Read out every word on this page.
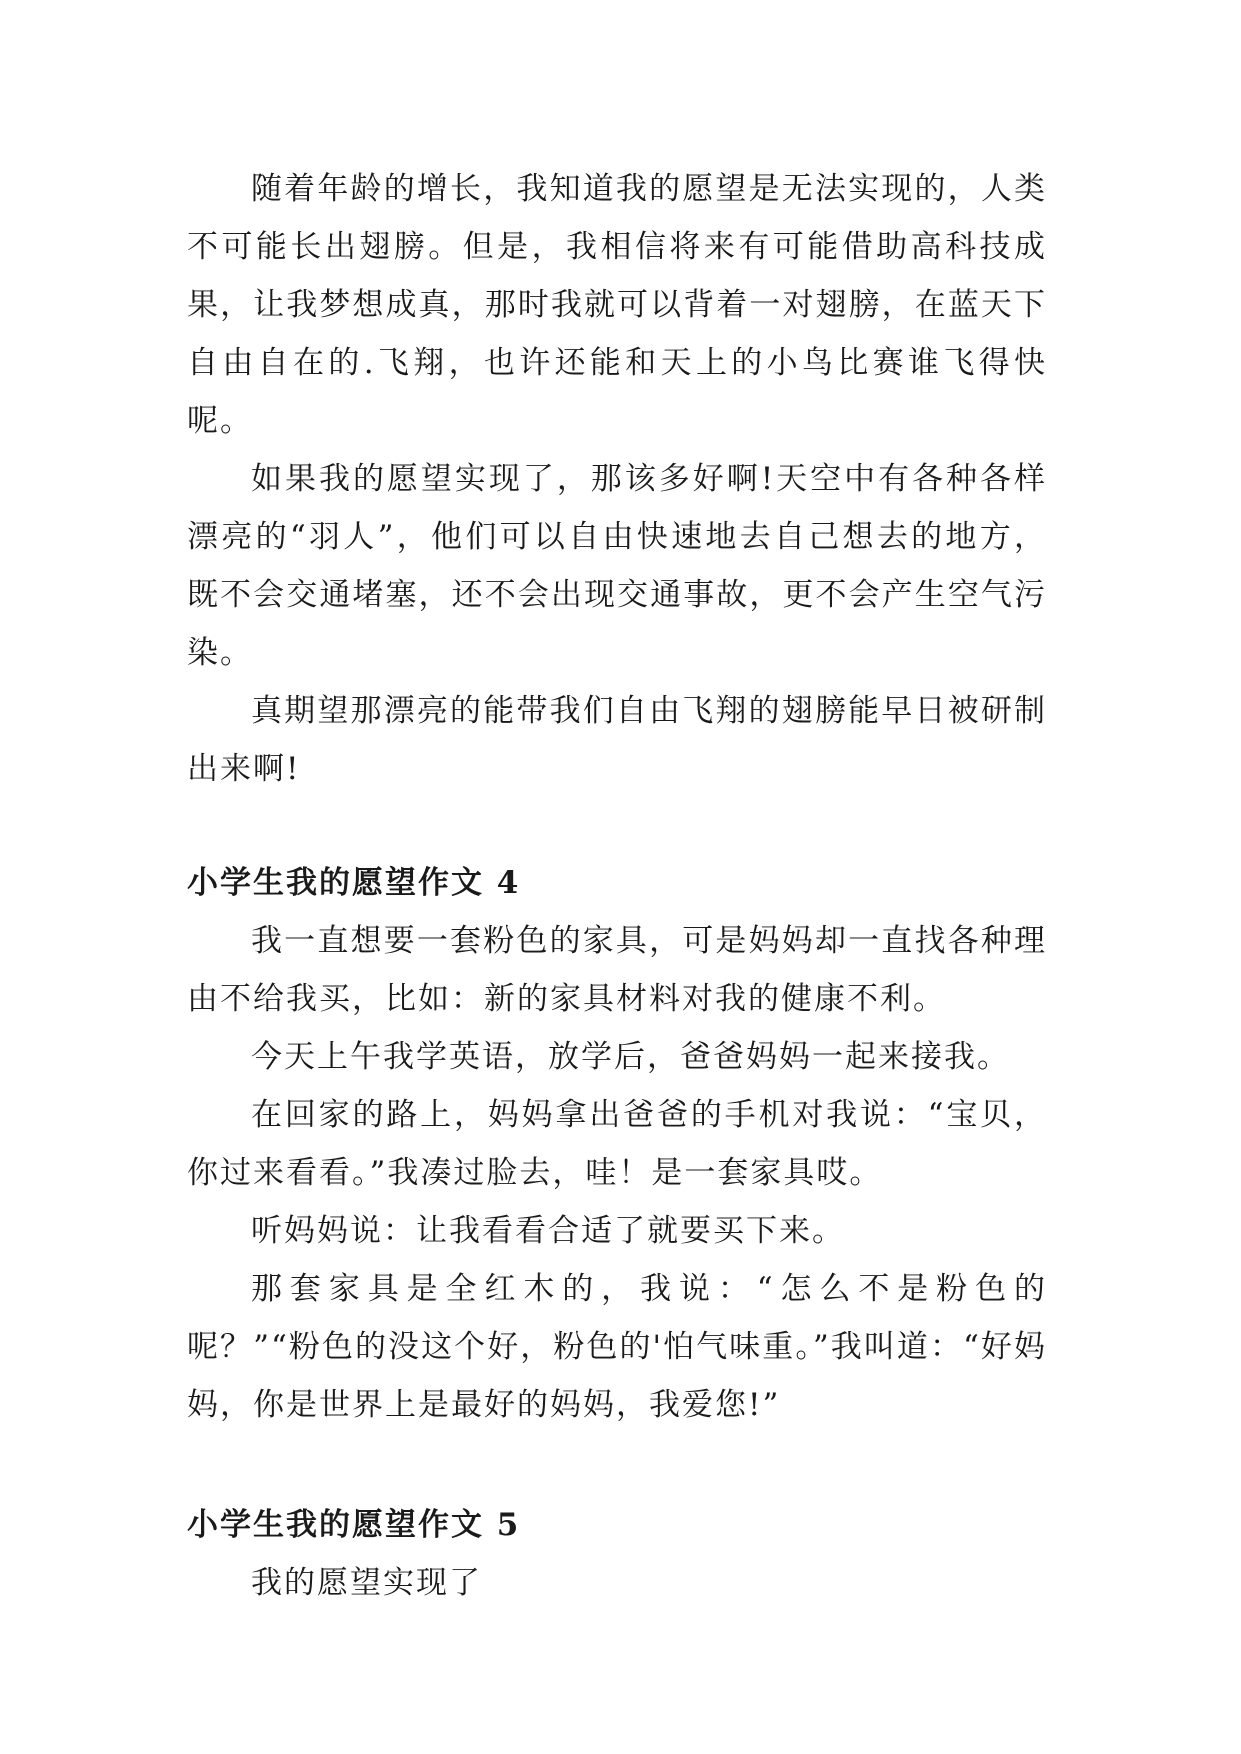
随着年龄的增长，我知道我的愿望是无法实现的，人类不可能长出翅膀。但是，我相信将来有可能借助高科技成果，让我梦想成真，那时我就可以背着一对翅膀，在蓝天下自由自在的.飞翔，也许还能和天上的小鸟比赛谁飞得快呢。

如果我的愿望实现了，那该多好啊!天空中有各种各样漂亮的“羽人”，他们可以自由快速地去自己想去的地方，既不会交通堵塞，还不会出现交通事故，更不会产生空气污染。

真期望那漂亮的能带我们自由飞翔的翅膀能早日被研制出来啊!

小学生我的愿望作文 4

我一直想要一套粉色的家具，可是妈妈却一直找各种理由不给我买，比如：新的家具材料对我的健康不利。

今天上午我学英语，放学后，爸爸妈妈一起来接我。

在回家的路上，妈妈拿出爸爸的手机对我说：“宝贝，你过来看看。”我凑过脸去，哇！是一套家具哎。

听妈妈说：让我看看合适了就要买下来。

那套家具是全红木的，我说：“怎么不是粉色的呢？”“粉色的没这个好，粉色的'怕气味重。”我叫道：“好妈妈，你是世界上是最好的妈妈，我爱您!”

小学生我的愿望作文 5

我的愿望实现了
